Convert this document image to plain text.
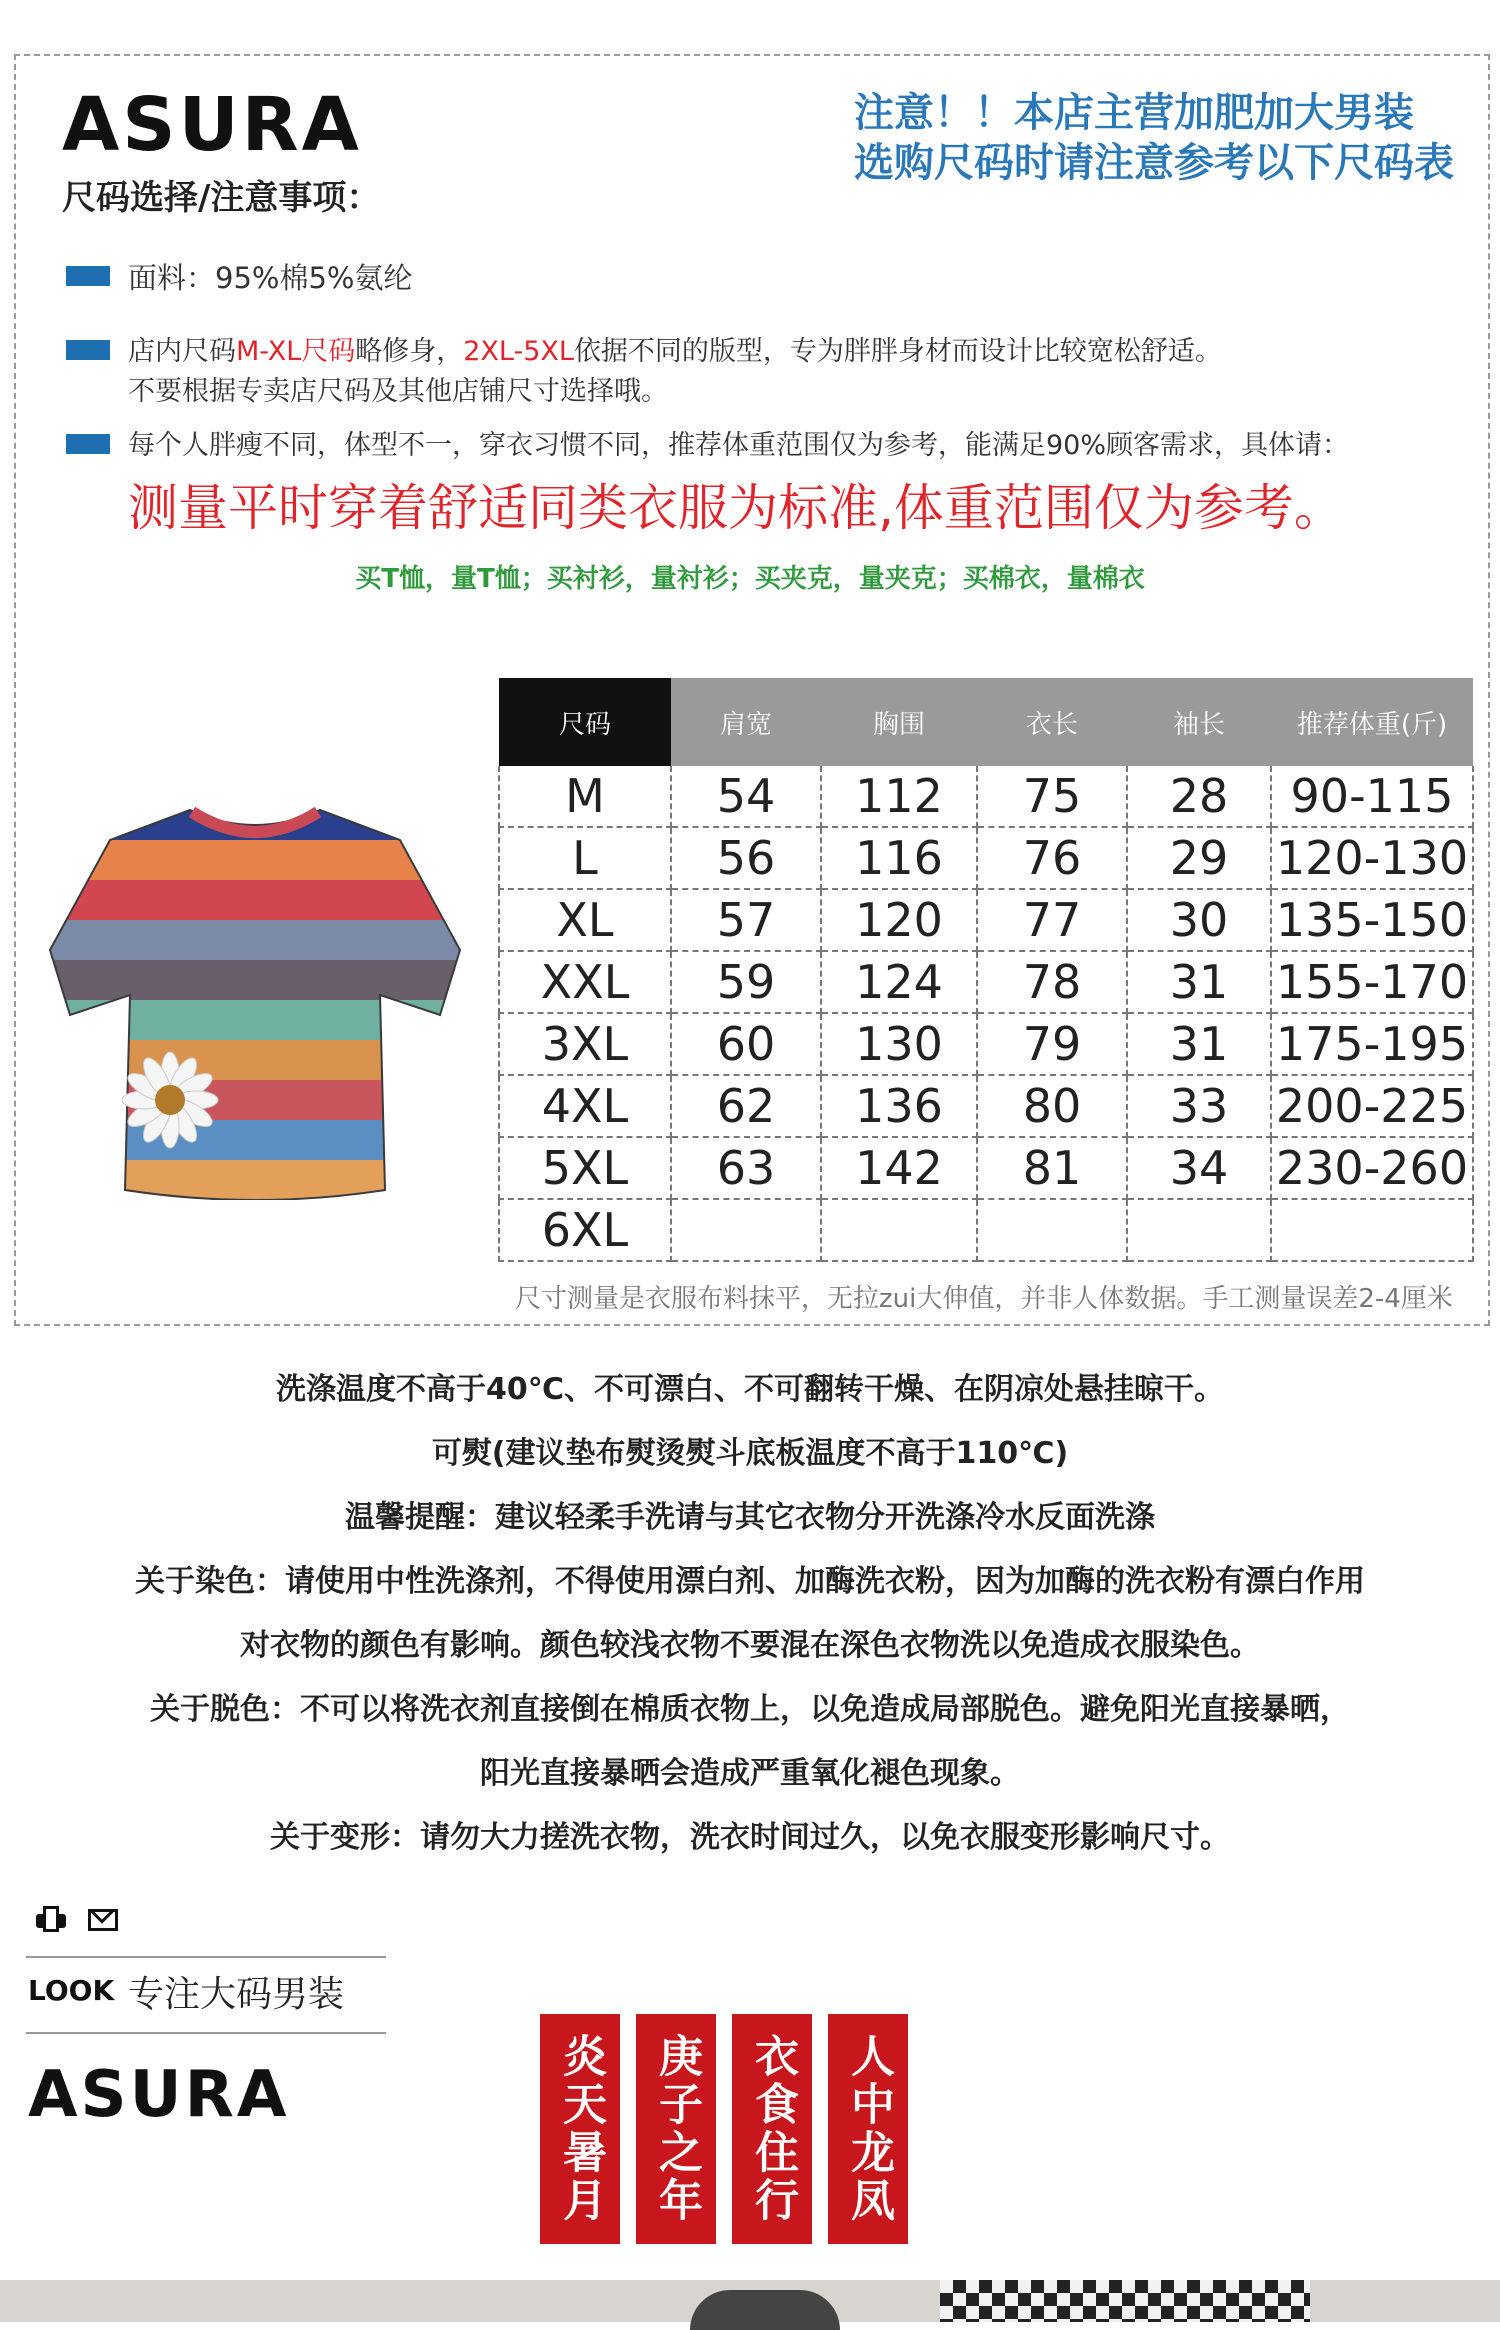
ASURA
尺码选择/注意事项：
注意！！本店主营加肥加大男装
选购尺码时请注意参考以下尺码表
面料：95%棉5%氨纶
店内尺码M-XL尺码略修身，2XL-5XL依据不同的版型，专为胖胖身材而设计比较宽松舒适。
不要根据专卖店尺码及其他店铺尺寸选择哦。
每个人胖瘦不同，体型不一，穿衣习惯不同，推荐体重范围仅为参考，能满足90%顾客需求，具体请：
测量平时穿着舒适同类衣服为标准,体重范围仅为参考。
买T恤，量T恤；买衬衫，量衬衫；买夹克，量夹克；买棉衣，量棉衣
尺码	肩宽	胸围	衣长	袖长	推荐体重(斤)
M	54	112	75	28	90-115
L	56	116	76	29	120-130
XL	57	120	77	30	135-150
XXL	59	124	78	31	155-170
3XL	60	130	79	31	175-195
4XL	62	136	80	33	200-225
5XL	63	142	81	34	230-260
6XL					
尺寸测量是衣服布料抹平，无拉zui大伸值，并非人体数据。手工测量误差2-4厘米

洗涤温度不高于40℃、不可漂白、不可翻转干燥、在阴凉处悬挂晾干。

可熨(建议垫布熨烫熨斗底板温度不高于110℃)

温馨提醒：建议轻柔手洗请与其它衣物分开洗涤冷水反面洗涤

关于染色：请使用中性洗涤剂，不得使用漂白剂、加酶洗衣粉，因为加酶的洗衣粉有漂白作用

对衣物的颜色有影响。颜色较浅衣物不要混在深色衣物洗以免造成衣服染色。

关于脱色：不可以将洗衣剂直接倒在棉质衣物上，以免造成局部脱色。避免阳光直接暴晒，

阳光直接暴晒会造成严重氧化褪色现象。

关于变形：请勿大力搓洗衣物，洗衣时间过久，以免衣服变形影响尺寸。

LOOK 专注大码男装
ASURA	炎天暑月 庚子之年 衣食住行 人中龙凤
